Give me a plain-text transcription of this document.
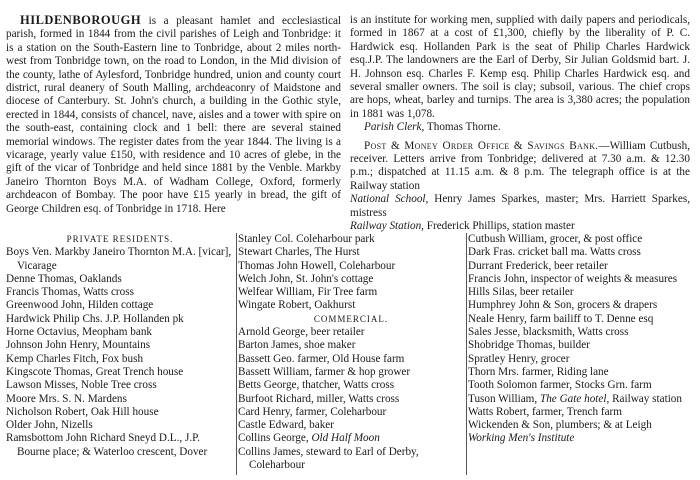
HILDENBOROUGH is a pleasant hamlet and ecclesiastical parish, formed in 1844 from the civil parishes of Leigh and Tonbridge: it is a station on the South-Eastern line to Tonbridge, about 2 miles north-west from Tonbridge town, on the road to London, in the Mid division of the county, lathe of Aylesford, Tonbridge hundred, union and county court district, rural deanery of South Malling, archdeaconry of Maidstone and diocese of Canterbury. St. John's church, a building in the Gothic style, erected in 1844, consists of chancel, nave, aisles and a tower with spire on the south-east, containing clock and 1 bell: there are several stained memorial windows. The register dates from the year 1844. The living is a vicarage, yearly value £150, with residence and 10 acres of glebe, in the gift of the vicar of Tonbridge and held since 1881 by the Venble. Markby Janeiro Thornton Boys M.A. of Wadham College, Oxford, formerly archdeacon of Bombay. The poor have £15 yearly in bread, the gift of George Children esq. of Tonbridge in 1718. Here

is an institute for working men, supplied with daily papers and periodicals, formed in 1867 at a cost of £1,300, chiefly by the liberality of P. C. Hardwick esq. Hollanden Park is the seat of Philip Charles Hardwick esq.J.P. The landowners are the Earl of Derby, Sir Julian Goldsmid bart. J. H. Johnson esq. Charles F. Kemp esq. Philip Charles Hardwick esq. and several smaller owners. The soil is clay; subsoil, various. The chief crops are hops, wheat, barley and turnips. The area is 3,380 acres; the population in 1881 was 1,078.

Parish Clerk, Thomas Thorne.

Post & Money Order Office & Savings Bank.—William Cutbush, receiver. Letters arrive from Tonbridge; delivered at 7.30 a.m. & 12.30 p.m.; dispatched at 11.15 a.m. & 8 p.m. The telegraph office is at the Railway station

National School, Henry James Sparkes, master; Mrs. Harriett Sparkes, mistress

Railway Station, Frederick Phillips, station master

PRIVATE RESIDENTS.
Boys Ven. Markby Janeiro Thornton M.A. [vicar], Vicarage
Denne Thomas, Oaklands
Francis Thomas, Watts cross
Greenwood John, Hilden cottage
Hardwick Philip Chs. J.P. Hollanden pk
Horne Octavius, Meopham bank
Johnson John Henry, Mountains
Kemp Charles Fitch, Fox bush
Kingscote Thomas, Great Trench house
Lawson Misses, Noble Tree cross
Moore Mrs. S. N. Mardens
Nicholson Robert, Oak Hill house
Older John, Nizells
Ramsbottom John Richard Sneyd D.L., J.P. Bourne place; & Waterloo crescent, Dover
Stanley Col. Coleharbour park
Stewart Charles, The Hurst
Thomas John Howell, Coleharbour
Welch John, St. John's cottage
Welfear William, Fir Tree farm
Wingate Robert, Oakhurst
COMMERCIAL.
Arnold George, beer retailer
Barton James, shoe maker
Bassett Geo. farmer, Old House farm
Bassett William, farmer & hop grower
Betts George, thatcher, Watts cross
Burfoot Richard, miller, Watts cross
Card Henry, farmer, Coleharbour
Castle Edward, baker
Collins George, Old Half Moon
Collins James, steward to Earl of Derby, Coleharbour
Cutbush William, grocer, & post office
Dark Fras. cricket ball ma. Watts cross
Durrant Frederick, beer retailer
Francis John, inspector of weights & measures
Hills Silas, beer retailer
Humphrey John & Son, grocers & drapers
Neale Henry, farm bailiff to T. Denne esq
Sales Jesse, blacksmith, Watts cross
Shobridge Thomas, builder
Spratley Henry, grocer
Thorn Mrs. farmer, Riding lane
Tooth Solomon farmer, Stocks Grn. farm
Tuson William, The Gate hotel, Railway station
Watts Robert, farmer, Trench farm
Wickenden & Son, plumbers; & at Leigh
Working Men's Institute
